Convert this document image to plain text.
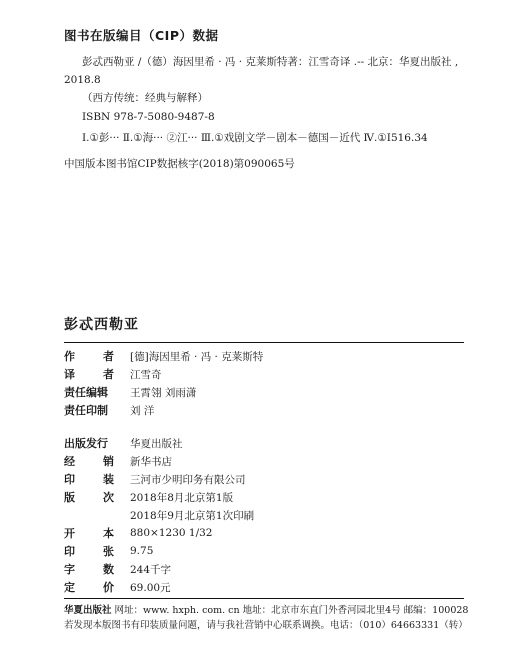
图书在版编目（CIP）数据
彭忒西勒亚 /（德）海因里希 · 冯 · 克莱斯特著：江雪奇译 .-- 北京：华夏出版社 ,
2018.8
（西方传统：经典与解释）
ISBN 978-7-5080-9487-8
Ⅰ.①彭··· Ⅱ.①海··· ②江··· Ⅲ.①戏剧文学－剧本－德国－近代 Ⅳ.①I516.34
中国版本图书馆CIP数据核字(2018)第090065号
彭忒西勒亚
作	者 [德]海因里希 · 冯 · 克莱斯特
译	者 江雪奇
责任编辑 王霄翎 刘雨潇
责任印制 刘 洋
出版发行 华夏出版社
经	销 新华书店
印	装 三河市少明印务有限公司
版	次 2018年8月北京第1版
2018年9月北京第1次印刷
开	本 880×1230 1/32
印	张 9.75
字	数 244千字
定	价 69.00元
华夏出版社 网址：www. hxph. com. cn 地址：北京市东直门外香河园北里4号 邮编：100028
若发现本版图书有印装质量问题，请与我社营销中心联系调换。电话：（010）64663331（转）
